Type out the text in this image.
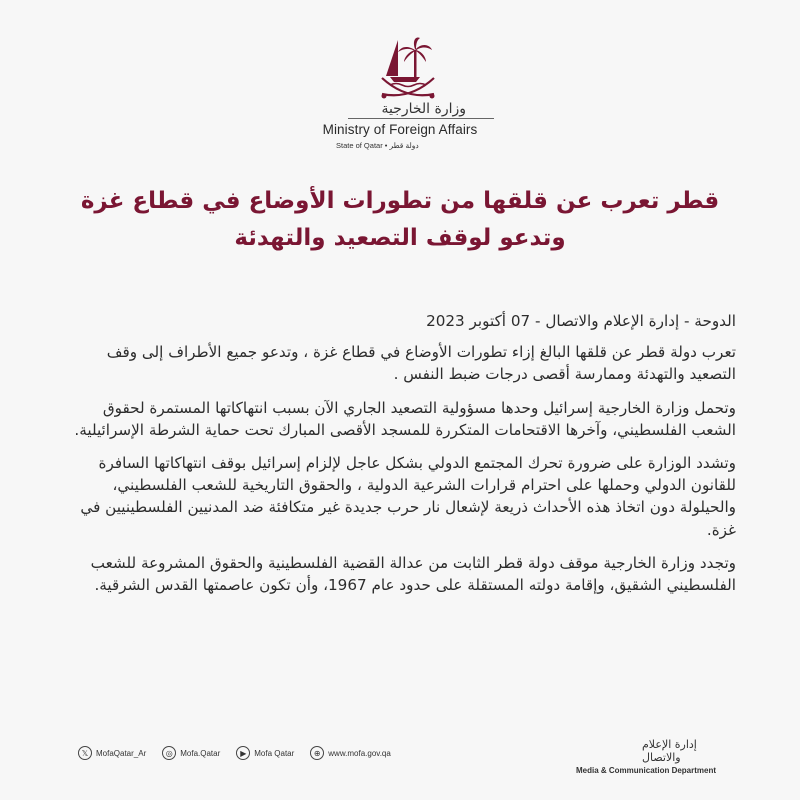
وزارة الخارجية
Ministry of Foreign Affairs
State of Qatar • دولة قطر
قطر تعرب عن قلقها من تطورات الأوضاع في قطاع غزة
وتدعو لوقف التصعيد والتهدئة

الدوحة - إدارة الإعلام والاتصال - 07 أكتوبر 2023

تعرب دولة قطر عن قلقها البالغ إزاء تطورات الأوضاع في قطاع غزة ، وتدعو جميع الأطراف إلى وقف التصعيد والتهدئة وممارسة أقصى درجات ضبط النفس .

وتحمل وزارة الخارجية إسرائيل وحدها مسؤولية التصعيد الجاري الآن بسبب انتهاكاتها المستمرة لحقوق الشعب الفلسطيني، وآخرها الاقتحامات المتكررة للمسجد الأقصى المبارك تحت حماية الشرطة الإسرائيلية.

وتشدد الوزارة على ضرورة تحرك المجتمع الدولي بشكل عاجل لإلزام إسرائيل بوقف انتهاكاتها السافرة للقانون الدولي وحملها على احترام قرارات الشرعية الدولية ، والحقوق التاريخية للشعب الفلسطيني، والحيلولة دون اتخاذ هذه الأحداث ذريعة لإشعال نار حرب جديدة غير متكافئة ضد المدنيين الفلسطينيين في غزة.

وتجدد وزارة الخارجية موقف دولة قطر الثابت من عدالة القضية الفلسطينية والحقوق المشروعة للشعب الفلسطيني الشقيق، وإقامة دولته المستقلة على حدود عام 1967، وأن تكون عاصمتها القدس الشرقية.

𝕏 MofaQatar_Ar	◎ Mofa.Qatar	▶ Mofa Qatar	⊕ www.mofa.gov.qa
إدارة الإعلام والاتصال
Media & Communication Department
